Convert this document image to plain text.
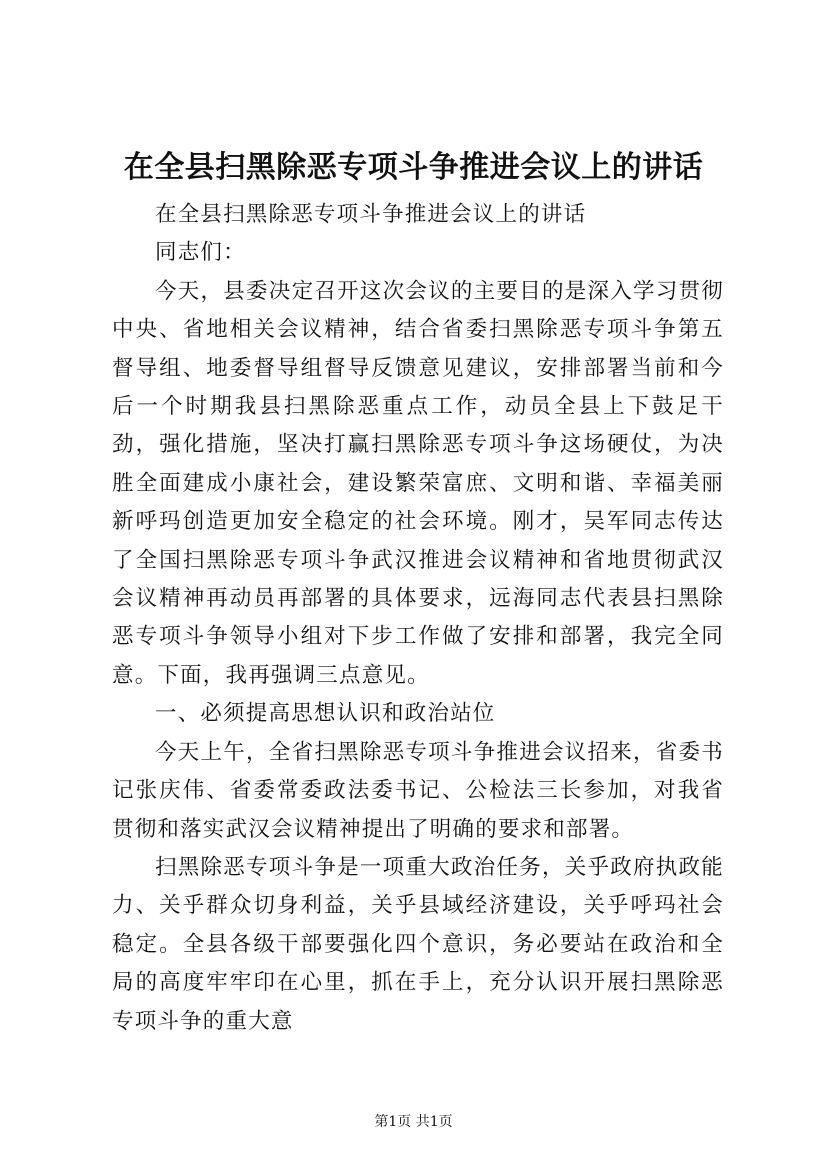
在全县扫黑除恶专项斗争推进会议上的讲话

在全县扫黑除恶专项斗争推进会议上的讲话

同志们：

今天，县委决定召开这次会议的主要目的是深入学习贯彻中央、省地相关会议精神，结合省委扫黑除恶专项斗争第五督导组、地委督导组督导反馈意见建议，安排部署当前和今后一个时期我县扫黑除恶重点工作，动员全县上下鼓足干劲，强化措施，坚决打赢扫黑除恶专项斗争这场硬仗，为决胜全面建成小康社会，建设繁荣富庶、文明和谐、幸福美丽新呼玛创造更加安全稳定的社会环境。刚才，吴军同志传达了全国扫黑除恶专项斗争武汉推进会议精神和省地贯彻武汉会议精神再动员再部署的具体要求，远海同志代表县扫黑除恶专项斗争领导小组对下步工作做了安排和部署，我完全同意。下面，我再强调三点意见。

一、必须提高思想认识和政治站位

今天上午，全省扫黑除恶专项斗争推进会议招来，省委书记张庆伟、省委常委政法委书记、公检法三长参加，对我省贯彻和落实武汉会议精神提出了明确的要求和部署。

扫黑除恶专项斗争是一项重大政治任务，关乎政府执政能力、关乎群众切身利益，关乎县域经济建设，关乎呼玛社会稳定。全县各级干部要强化四个意识，务必要站在政治和全局的高度牢牢印在心里，抓在手上，充分认识开展扫黑除恶专项斗争的重大意

第1页 共1页
